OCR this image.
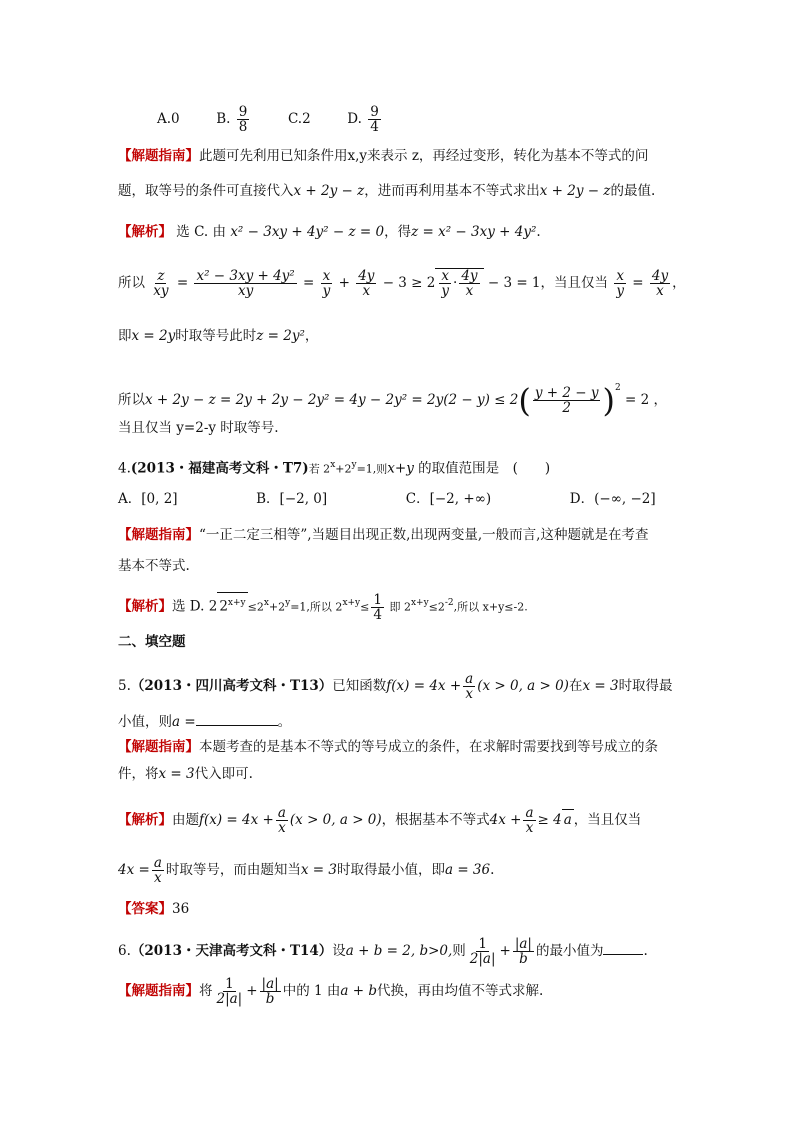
A.0	B. $\frac{9}{8}$	C.2	D. $\frac{9}{4}$
【解题指南】此题可先利用已知条件用x,y来表示 z，再经过变形，转化为基本不等式的问
题，取等号的条件可直接代入x + 2y − z，进而再利用基本不等式求出x + 2y − z的最值.
【解析】 选 C. 由 x² − 3xy + 4y² − z = 0，得z = x² − 3xy + 4y².
所以 $\frac{z}{xy} = \frac{\text{x² − 3xy + 4y²}}{xy} = \frac{x}{y} + \frac{4y}{x} - 3 \ge 2 \frac{x}{y} \cdot \frac{4y}{x} - 3 = 1$，当且仅当 $\frac{x}{y} = \frac{4y}{x}$ ，
即x = 2y时取等号此时z = 2y²，
所以$x + 2y - z = 2y + 2y - 2y^2 = 4y - 2y^2 = 2y(2 - y) \le 2( \frac{y + 2 - y}{2} )^2 = 2$ ，
当且仅当 y=2-y 时取等号.
4.(2013・福建高考文科・T7)若 $2^x+2^y=1$,则x+y 的取值范围是　(　　)
A．[0, 2]	B．[−2, 0]	C．[−2, +∞)	D．(−∞, −2]
【解题指南】“一正二定三相等”,当题目出现正数,出现两变量,一般而言,这种题就是在考查
基本不等式.
【解析】选 D. 2 $2^{x+y} \le 2^x+2^y=1$,所以 $2^{x+y}\le \frac{1}{4}$ 即 $2^{x+y}\le 2^{-2}$,所以 x+y≤-2.
二、填空题
5.（2013・四川高考文科・T13）已知函数$f(x) = 4x + \frac{a}{x} (x > 0$, a > 0)在x = 3时取得最
小值，则a =	。
【解题指南】本题考查的是基本不等式的等号成立的条件，在求解时需要找到等号成立的条
件，将x = 3代入即可.
【解析】由题$f(x) = 4x + \frac{a}{x} (x > 0$, a > 0)，根据基本不等式$4x + \frac{a}{x} \ge 4$ a ，当且仅当
$4x = \frac{a}{x}$ 时取等号，而由题知当x = 3时取得最小值，即a = 36.
【答案】36
6.（2013・天津高考文科・T14）设a + b = 2, b>0,则 $\frac{1}{2|a|} + \frac{|a|}{b}$ 的最小值为	.
【解题指南】将 $\frac{1}{2|a|} + \frac{|a|}{b}$ 中的 1 由a + b代换，再由均值不等式求解.
